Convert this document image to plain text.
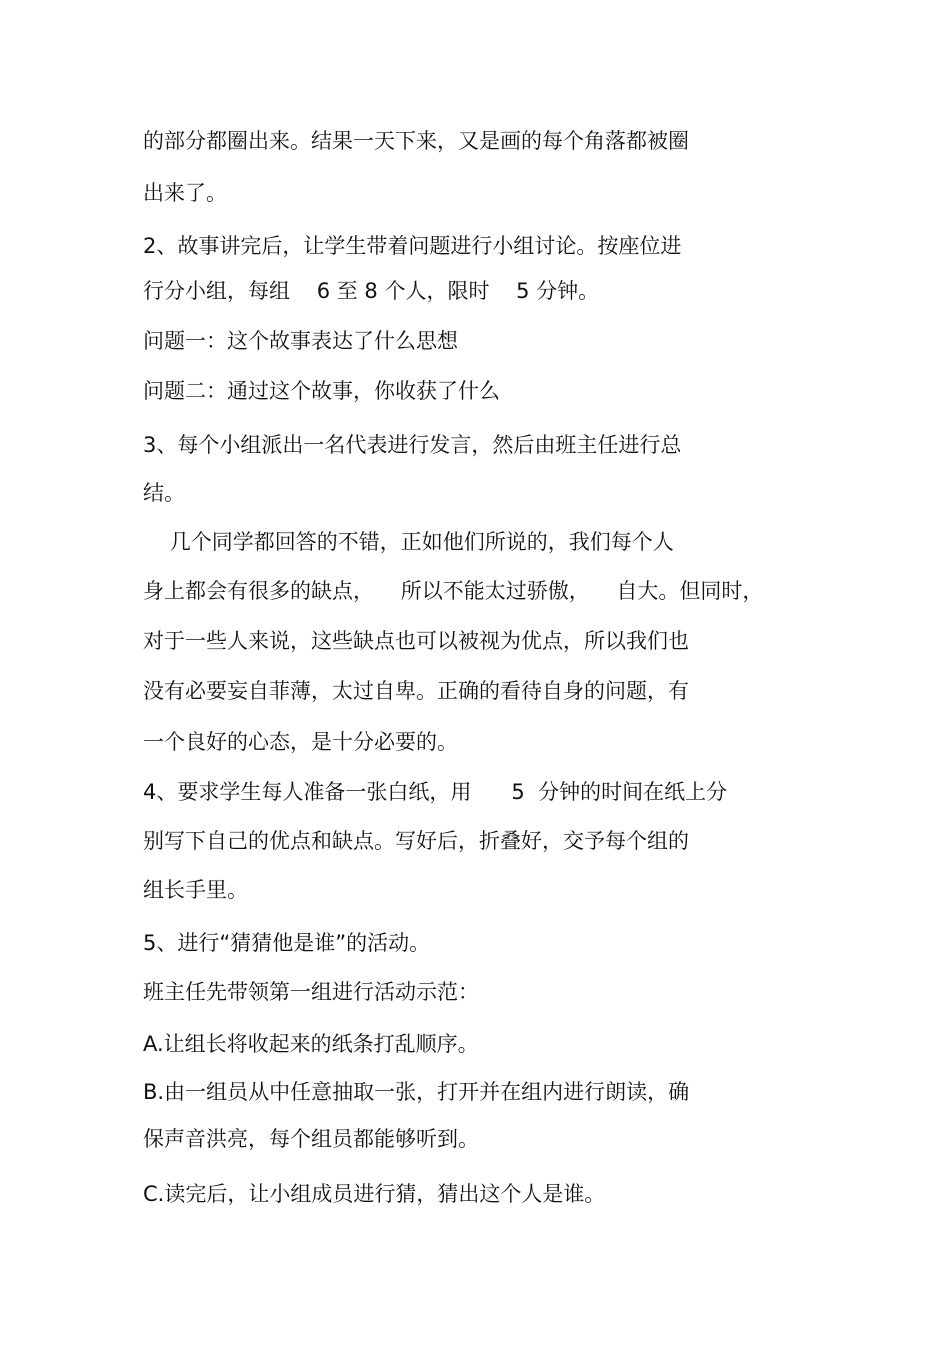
的部分都圈出来。结果一天下来，又是画的每个角落都被圈
出来了。
2、故事讲完后，让学生带着问题进行小组讨论。按座位进
行分小组，每组    6 至 8 个人，限时    5 分钟。
问题一：这个故事表达了什么思想
问题二：通过这个故事，你收获了什么
3、每个小组派出一名代表进行发言，然后由班主任进行总
结。
几个同学都回答的不错，正如他们所说的，我们每个人
身上都会有很多的缺点，    所以不能太过骄傲，    自大。但同时，
对于一些人来说，这些缺点也可以被视为优点，所以我们也
没有必要妄自菲薄，太过自卑。正确的看待自身的问题，有
一个良好的心态，是十分必要的。
4、要求学生每人准备一张白纸，用      5  分钟的时间在纸上分
别写下自己的优点和缺点。写好后，折叠好，交予每个组的
组长手里。
5、进行“猜猜他是谁”的活动。
班主任先带领第一组进行活动示范：
A.让组长将收起来的纸条打乱顺序。
B.由一组员从中任意抽取一张，打开并在组内进行朗读，确
保声音洪亮，每个组员都能够听到。
C.读完后，让小组成员进行猜，猜出这个人是谁。
